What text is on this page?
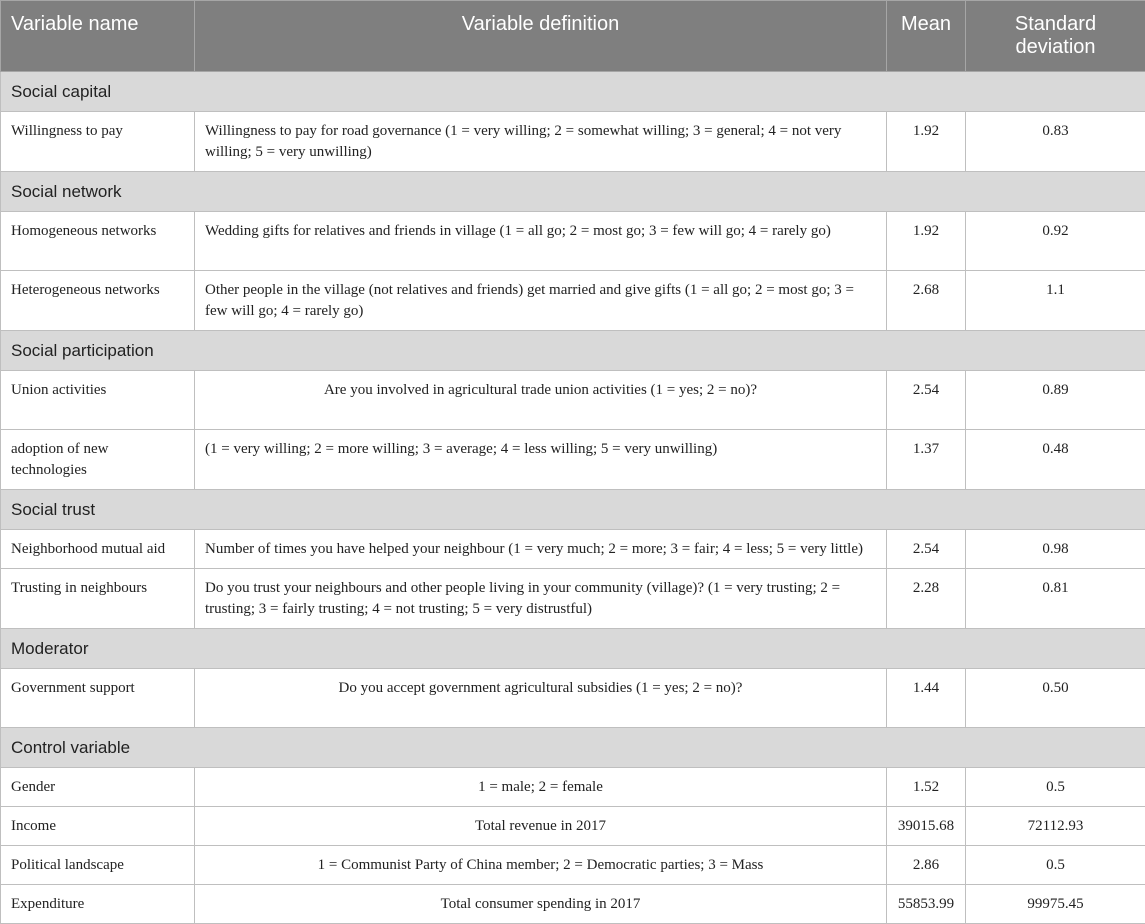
Variable name	Variable definition	Mean	Standard deviation
Social capital			
Willingness to pay	Willingness to pay for road governance (1 = very willing; 2 = somewhat willing; 3 = general; 4 = not very willing; 5 = very unwilling)	1.92	0.83
Social network			
Homogeneous networks	Wedding gifts for relatives and friends in village (1 = all go; 2 = most go; 3 = few will go; 4 = rarely go)	1.92	0.92
Heterogeneous networks	Other people in the village (not relatives and friends) get married and give gifts (1 = all go; 2 = most go; 3 = few will go; 4 = rarely go)	2.68	1.1
Social participation			
Union activities	Are you involved in agricultural trade union activities (1 = yes; 2 = no)?	2.54	0.89
adoption of new technologies	(1 = very willing; 2 = more willing; 3 = average; 4 = less willing; 5 = very unwilling)	1.37	0.48
Social trust			
Neighborhood mutual aid	Number of times you have helped your neighbour (1 = very much; 2 = more; 3 = fair; 4 = less; 5 = very little)	2.54	0.98
Trusting in neighbours	Do you trust your neighbours and other people living in your community (village)? (1 = very trusting; 2 = trusting; 3 = fairly trusting; 4 = not trusting; 5 = very distrustful)	2.28	0.81
Moderator			
Government support	Do you accept government agricultural subsidies (1 = yes; 2 = no)?	1.44	0.50
Control variable			
Gender	1 = male; 2 = female	1.52	0.5
Income	Total revenue in 2017	39015.68	72112.93
Political landscape	1 = Communist Party of China member; 2 = Democratic parties; 3 = Mass	2.86	0.5
Expenditure	Total consumer spending in 2017	55853.99	99975.45
